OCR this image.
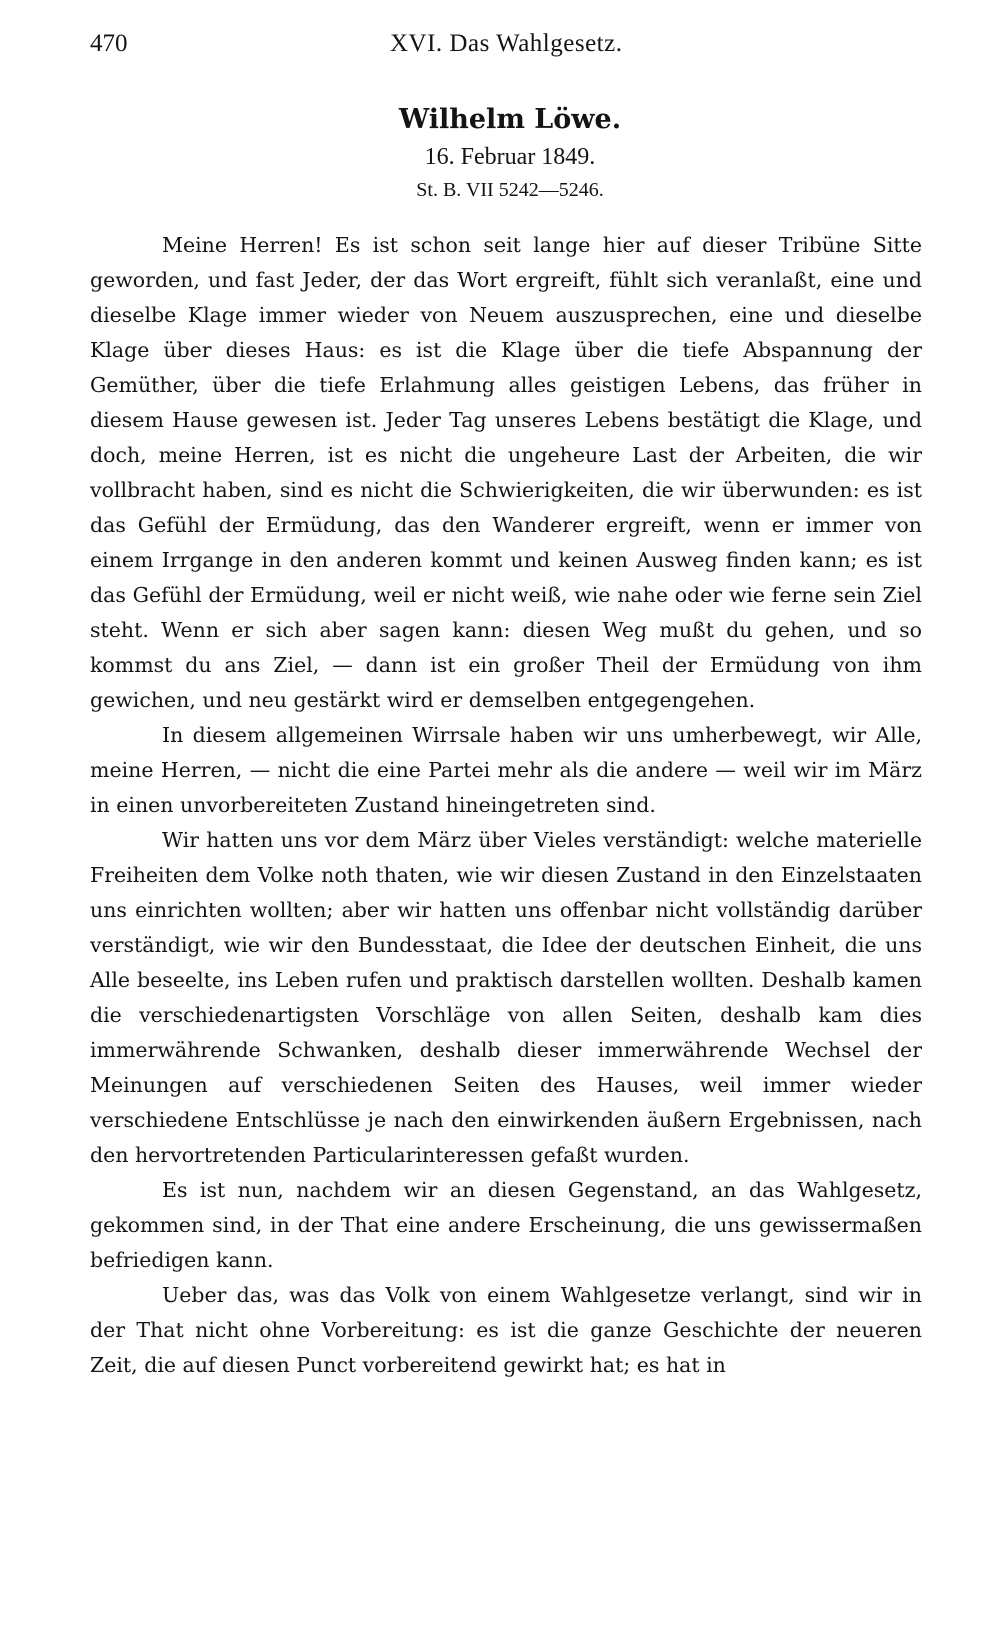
470	XVI. Das Wahlgesetz.
Wilhelm Löwe.
16. Februar 1849.
St. B. VII 5242—5246.

Meine Herren! Es ist schon seit lange hier auf dieser Tribüne Sitte geworden, und fast Jeder, der das Wort ergreift, fühlt sich veranlaßt, eine und dieselbe Klage immer wieder von Neuem auszusprechen, eine und dieselbe Klage über dieses Haus: es ist die Klage über die tiefe Abspannung der Gemüther, über die tiefe Erlahmung alles geistigen Lebens, das früher in diesem Hause gewesen ist. Jeder Tag unseres Lebens bestätigt die Klage, und doch, meine Herren, ist es nicht die ungeheure Last der Arbeiten, die wir vollbracht haben, sind es nicht die Schwierigkeiten, die wir überwunden: es ist das Gefühl der Ermüdung, das den Wanderer ergreift, wenn er immer von einem Irrgange in den anderen kommt und keinen Ausweg finden kann; es ist das Gefühl der Ermüdung, weil er nicht weiß, wie nahe oder wie ferne sein Ziel steht. Wenn er sich aber sagen kann: diesen Weg mußt du gehen, und so kommst du ans Ziel, — dann ist ein großer Theil der Ermüdung von ihm gewichen, und neu gestärkt wird er demselben entgegengehen.

In diesem allgemeinen Wirrsale haben wir uns umherbewegt, wir Alle, meine Herren, — nicht die eine Partei mehr als die andere — weil wir im März in einen unvorbereiteten Zustand hineingetreten sind.

Wir hatten uns vor dem März über Vieles verständigt: welche materielle Freiheiten dem Volke noth thaten, wie wir diesen Zustand in den Einzelstaaten uns einrichten wollten; aber wir hatten uns offenbar nicht vollständig darüber verständigt, wie wir den Bundesstaat, die Idee der deutschen Einheit, die uns Alle beseelte, ins Leben rufen und praktisch darstellen wollten. Deshalb kamen die verschiedenartigsten Vorschläge von allen Seiten, deshalb kam dies immerwährende Schwanken, deshalb dieser immerwährende Wechsel der Meinungen auf verschiedenen Seiten des Hauses, weil immer wieder verschiedene Entschlüsse je nach den einwirkenden äußern Ergebnissen, nach den hervortretenden Particularinteressen gefaßt wurden.

Es ist nun, nachdem wir an diesen Gegenstand, an das Wahlgesetz, gekommen sind, in der That eine andere Erscheinung, die uns gewissermaßen befriedigen kann.

Ueber das, was das Volk von einem Wahlgesetze verlangt, sind wir in der That nicht ohne Vorbereitung: es ist die ganze Geschichte der neueren Zeit, die auf diesen Punct vorbereitend gewirkt hat; es hat in
